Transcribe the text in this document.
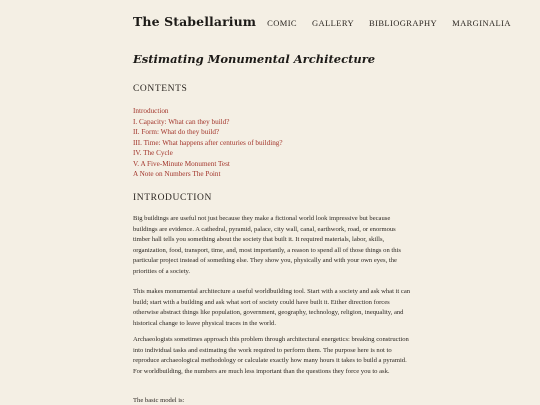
The Stabellarium COMIC GALLERY BIBLIOGRAPHY MARGINALIA
Estimating Monumental Architecture
CONTENTS
Introduction
I. Capacity: What can they build?
II. Form: What do they build?
III. Time: What happens after centuries of building?
IV. The Cycle
V. A Five-Minute Monument Test
A Note on Numbers The Point
INTRODUCTION

Big buildings are useful not just because they make a fictional world look impressive but because buildings are evidence. A cathedral, pyramid, palace, city wall, canal, earthwork, road, or enormous timber hall tells you something about the society that built it. It required materials, labor, skills, organization, food, transport, time, and, most importantly, a reason to spend all of those things on this particular project instead of something else. They show you, physically and with your own eyes, the priorities of a society.

This makes monumental architecture a useful worldbuilding tool. Start with a society and ask what it can build; start with a building and ask what sort of society could have built it. Either direction forces otherwise abstract things like population, government, geography, technology, religion, inequality, and historical change to leave physical traces in the world.

Archaeologists sometimes approach this problem through architectural energetics: breaking construction into individual tasks and estimating the work required to perform them. The purpose here is not to reproduce archaeological methodology or calculate exactly how many hours it takes to build a pyramid. For worldbuilding, the numbers are much less important than the questions they force you to ask.

The basic model is:
